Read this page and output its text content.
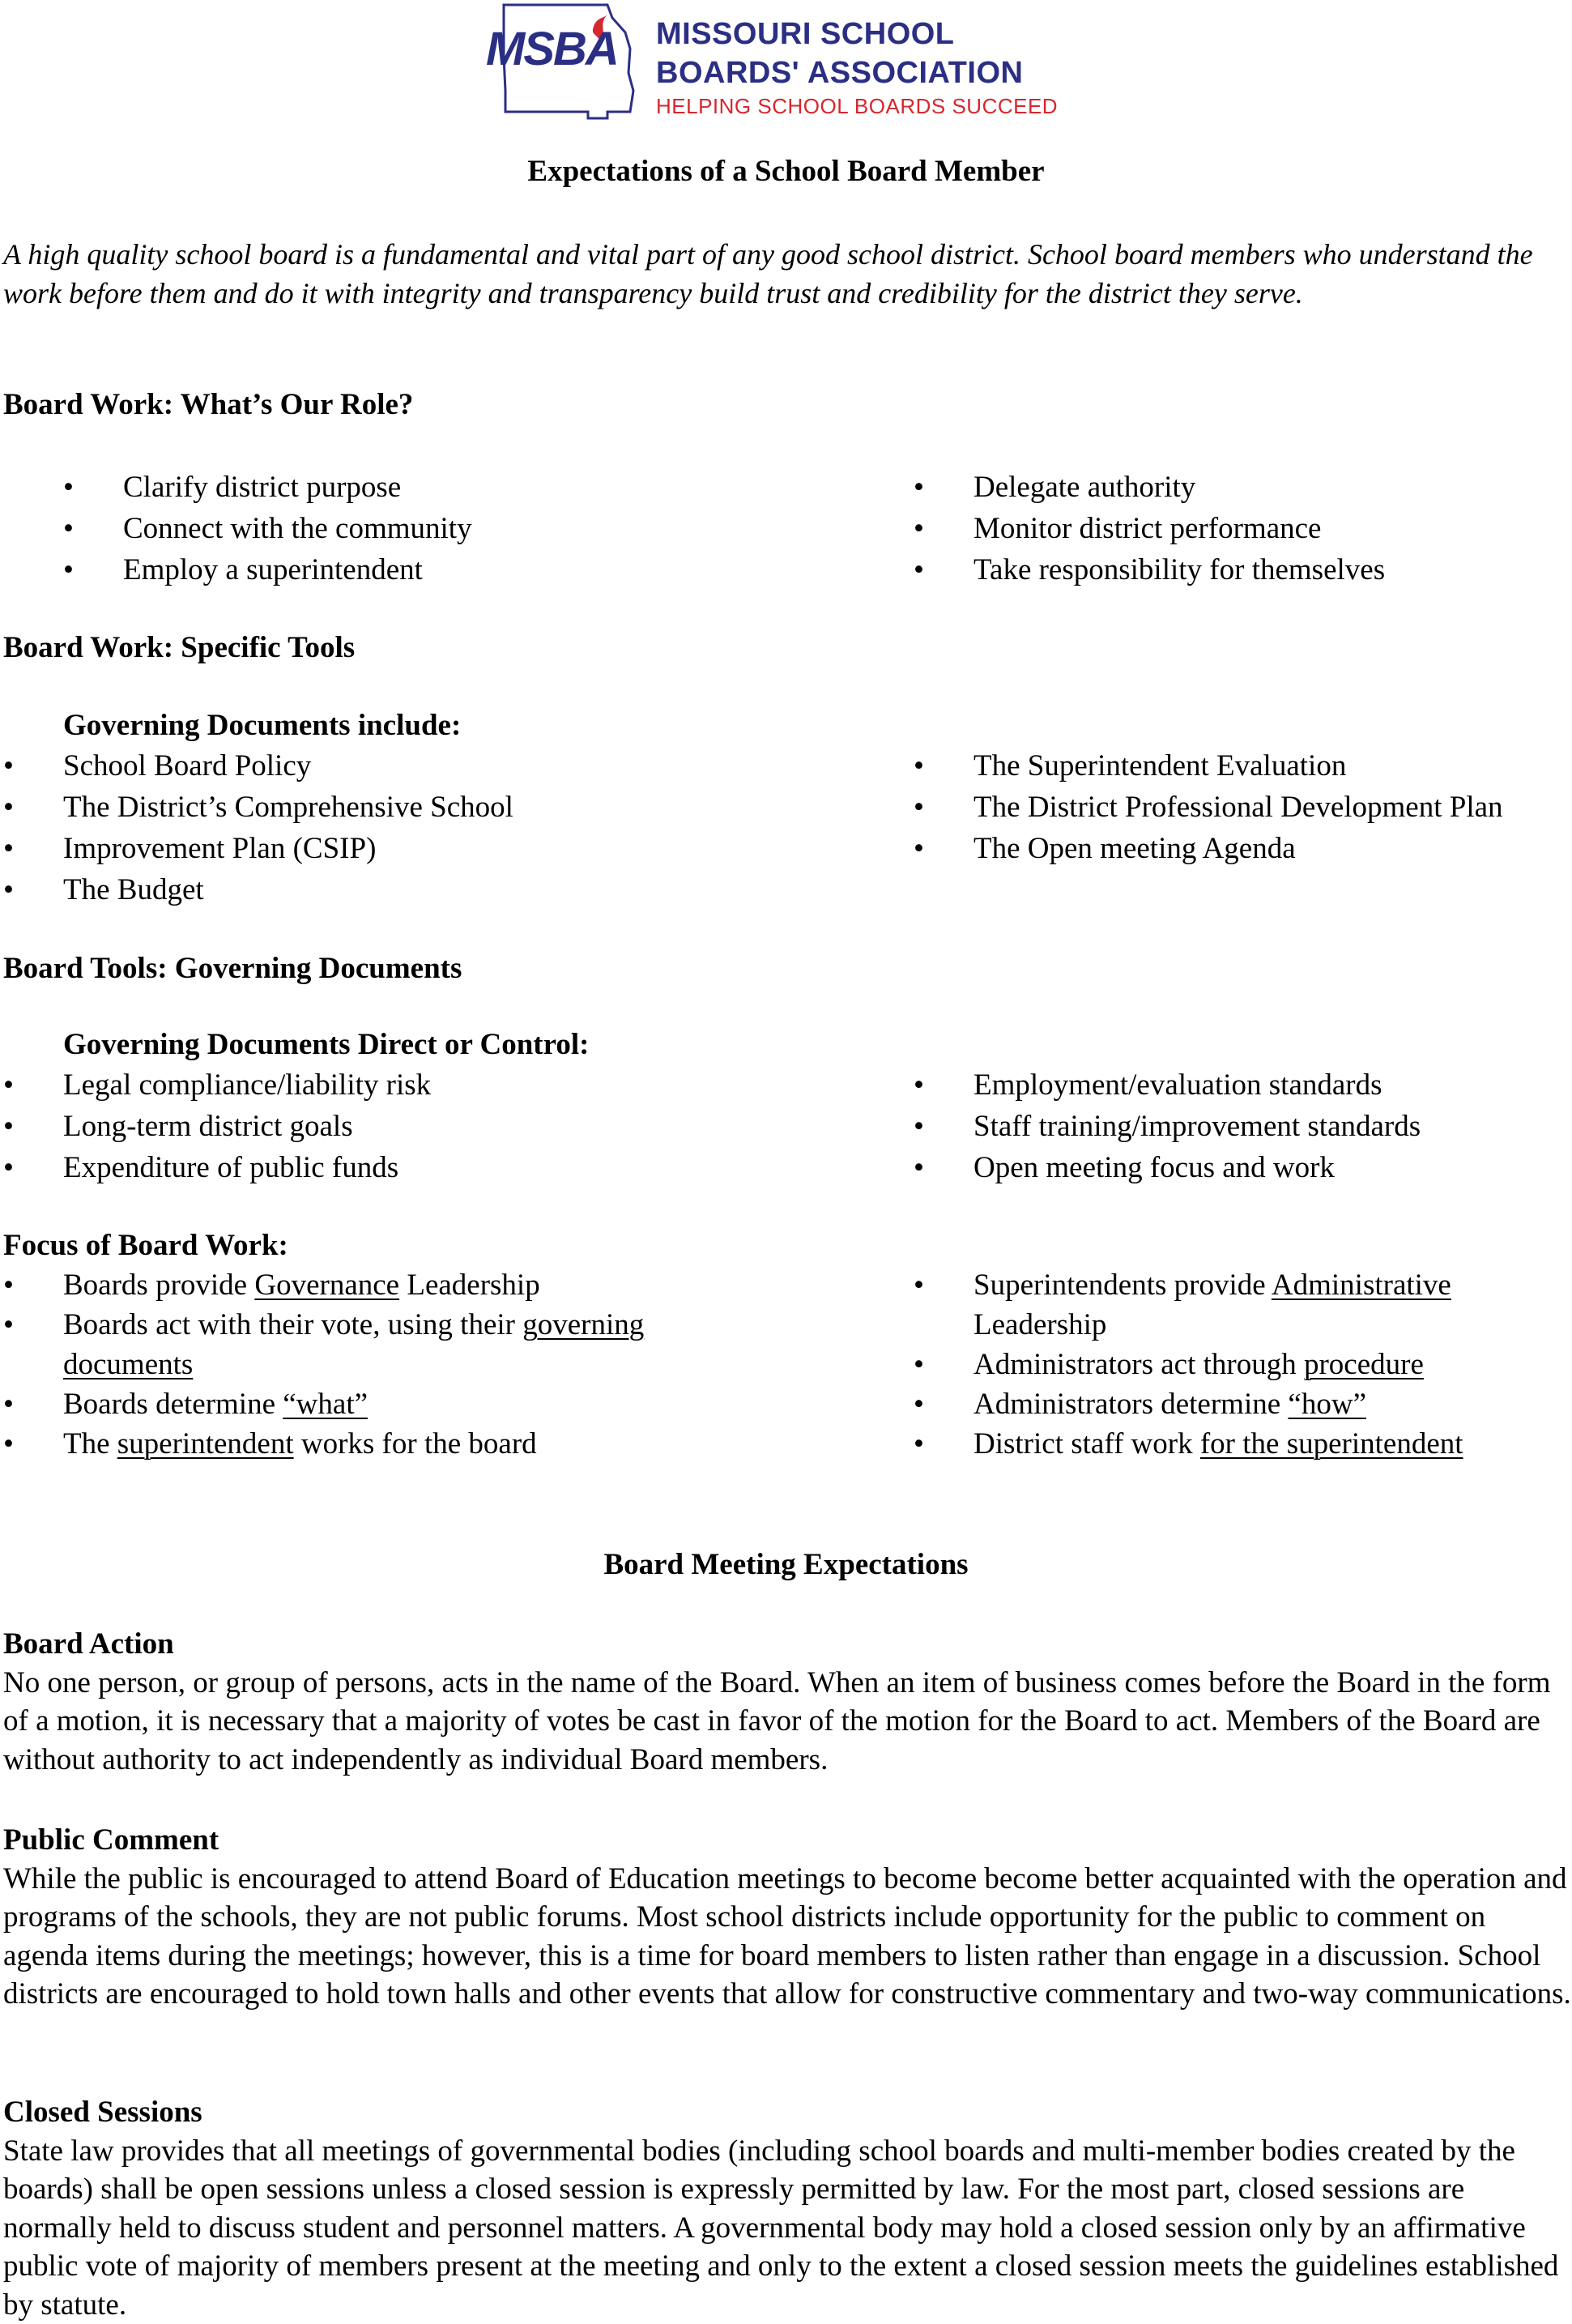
MSBA MISSOURI SCHOOL
BOARDS' ASSOCIATION
HELPING SCHOOL BOARDS SUCCEED
Expectations of a School Board Member
A high quality school board is a fundamental and vital part of any good school district. School board members who understand the work before them and do it with integrity and transparency build trust and credibility for the district they serve.
Board Work: What’s Our Role?
• Clarify district purpose
• Connect with the community
• Employ a superintendent
• Delegate authority
• Monitor district performance
• Take responsibility for themselves
Board Work: Specific Tools
Governing Documents include:
• School Board Policy
• The District’s Comprehensive School
• Improvement Plan (CSIP)
• The Budget
• The Superintendent Evaluation
• The District Professional Development Plan
• The Open meeting Agenda
Board Tools: Governing Documents
Governing Documents Direct or Control:
• Legal compliance/liability risk
• Long-term district goals
• Expenditure of public funds
• Employment/evaluation standards
• Staff training/improvement standards
• Open meeting focus and work
Focus of Board Work:
• Boards provide Governance Leadership
• Boards act with their vote, using their governing documents
• Boards determine “what”
• The superintendent works for the board
• Superintendents provide Administrative Leadership
• Administrators act through procedure
• Administrators determine “how”
• District staff work for the superintendent
Board Meeting Expectations
Board Action
No one person, or group of persons, acts in the name of the Board. When an item of business comes before the Board in the form of a motion, it is necessary that a majority of votes be cast in favor of the motion for the Board to act. Members of the Board are without authority to act independently as individual Board members.
Public Comment
While the public is encouraged to attend Board of Education meetings to become become better acquainted with the operation and programs of the schools, they are not public forums. Most school districts include opportunity for the public to comment on agenda items during the meetings; however, this is a time for board members to listen rather than engage in a discussion. School districts are encouraged to hold town halls and other events that allow for constructive commentary and two-way communications.
Closed Sessions
State law provides that all meetings of governmental bodies (including school boards and multi-member bodies created by the boards) shall be open sessions unless a closed session is expressly permitted by law. For the most part, closed sessions are normally held to discuss student and personnel matters. A governmental body may hold a closed session only by an affirmative public vote of majority of members present at the meeting and only to the extent a closed session meets the guidelines established by statute.
